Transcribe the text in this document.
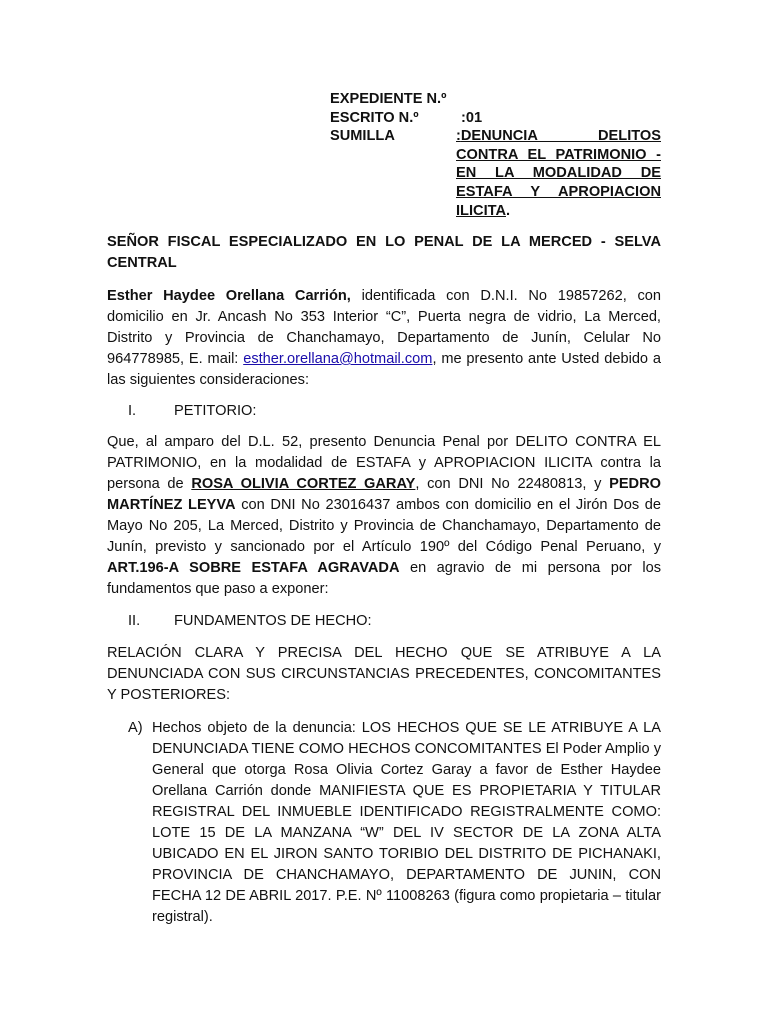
EXPEDIENTE N.º
ESCRITO N.º	:01
SUMILLA	:DENUNCIA DELITOS CONTRA EL PATRIMONIO - EN LA MODALIDAD DE ESTAFA Y APROPIACION
ILICITA.
SEÑOR FISCAL ESPECIALIZADO EN LO PENAL DE LA MERCED - SELVA CENTRAL
Esther Haydee Orellana Carrión, identificada con D.N.I. No 19857262, con domicilio en Jr. Ancash No 353 Interior “C”, Puerta negra de vidrio, La Merced, Distrito y Provincia de Chanchamayo, Departamento de Junín, Celular No 964778985, E. mail: esther.orellana@hotmail.com, me presento ante Usted debido a las siguientes consideraciones:
I.	PETITORIO:
Que, al amparo del D.L. 52, presento Denuncia Penal por DELITO CONTRA EL PATRIMONIO, en la modalidad de ESTAFA y APROPIACION ILICITA contra la persona de ROSA OLIVIA CORTEZ GARAY, con DNI No 22480813, y PEDRO MARTÍNEZ LEYVA con DNI No 23016437 ambos con domicilio en el Jirón Dos de Mayo No 205, La Merced, Distrito y Provincia de Chanchamayo, Departamento de Junín, previsto y sancionado por el Artículo 190º del Código Penal Peruano, y ART.196-A SOBRE ESTAFA AGRAVADA en agravio de mi persona por los fundamentos que paso a exponer:
II. FUNDAMENTOS DE HECHO:
RELACIÓN CLARA Y PRECISA DEL HECHO QUE SE ATRIBUYE A LA DENUNCIADA CON SUS CIRCUNSTANCIAS PRECEDENTES, CONCOMITANTES Y POSTERIORES:
A) Hechos objeto de la denuncia: LOS HECHOS QUE SE LE ATRIBUYE A LA DENUNCIADA TIENE COMO HECHOS CONCOMITANTES El Poder Amplio y General que otorga Rosa Olivia Cortez Garay a favor de Esther Haydee Orellana Carrión donde MANIFIESTA QUE ES PROPIETARIA Y TITULAR REGISTRAL DEL INMUEBLE IDENTIFICADO REGISTRALMENTE COMO: LOTE 15 DE LA MANZANA “W” DEL IV SECTOR DE LA ZONA ALTA UBICADO EN EL JIRON SANTO TORIBIO DEL DISTRITO DE PICHANAKI, PROVINCIA DE CHANCHAMAYO, DEPARTAMENTO DE JUNIN, CON FECHA 12 DE ABRIL 2017. P.E. Nº 11008263 (figura como propietaria – titular registral).
